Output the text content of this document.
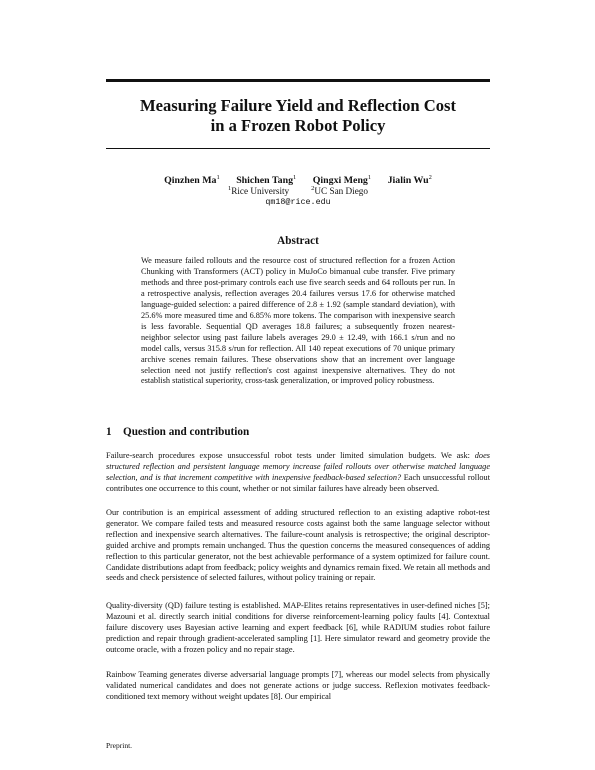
Measuring Failure Yield and Reflection Cost
in a Frozen Robot Policy
Qinzhen Ma$^1$ Shichen Tang$^1$ Qingxi Meng$^1$ Jialin Wu$^2$
$^1$Rice University	$^2$UC San Diego
qm18@rice.edu
Abstract

We measure failed rollouts and the resource cost of structured reflection for a frozen Action Chunking with Transformers (ACT) policy in MuJoCo bimanual cube transfer. Five primary methods and three post-primary controls each use five search seeds and 64 rollouts per run. In a retrospective analysis, reflection averages 20.4 failures versus 17.6 for otherwise matched language-guided selection: a paired difference of 2.8 ± 1.92 (sample standard deviation), with 25.6% more measured time and 6.85% more tokens. The comparison with inexpensive search is less favorable. Sequential QD averages 18.8 failures; a subsequently frozen nearest-neighbor selector using past failure labels averages 29.0 ± 12.49, with 166.1 s/run and no model calls, versus 315.8 s/run for reflection. All 140 repeat executions of 70 unique primary archive scenes remain failures. These observations show that an increment over language selection need not justify reflection's cost against inexpensive alternatives. They do not establish statistical superiority, cross-task generalization, or improved policy robustness.

1 Question and contribution

Failure-search procedures expose unsuccessful robot tests under limited simulation budgets. We ask: does structured reflection and persistent language memory increase failed rollouts over otherwise matched language selection, and is that increment competitive with inexpensive feedback-based selection? Each unsuccessful rollout contributes one occurrence to this count, whether or not similar failures have already been observed.

Our contribution is an empirical assessment of adding structured reflection to an existing adaptive robot-test generator. We compare failed tests and measured resource costs against both the same language selector without reflection and inexpensive search alternatives. The failure-count analysis is retrospective; the original descriptor-guided archive and prompts remain unchanged. Thus the question concerns the measured consequences of adding reflection to this particular generator, not the best achievable performance of a system optimized for failure count. Candidate distributions adapt from feedback; policy weights and dynamics remain fixed. We retain all methods and seeds and check persistence of selected failures, without policy training or repair.

Quality-diversity (QD) failure testing is established. MAP-Elites retains representatives in user-defined niches [5]; Mazouni et al. directly search initial conditions for diverse reinforcement-learning policy faults [4]. Contextual failure discovery uses Bayesian active learning and expert feedback [6], while RADIUM studies robot failure prediction and repair through gradient-accelerated sampling [1]. Here simulator reward and geometry provide the outcome oracle, with a frozen policy and no repair stage.

Rainbow Teaming generates diverse adversarial language prompts [7], whereas our model selects from physically validated numerical candidates and does not generate actions or judge success. Reflexion motivates feedback-conditioned text memory without weight updates [8]. Our empirical

Preprint.
